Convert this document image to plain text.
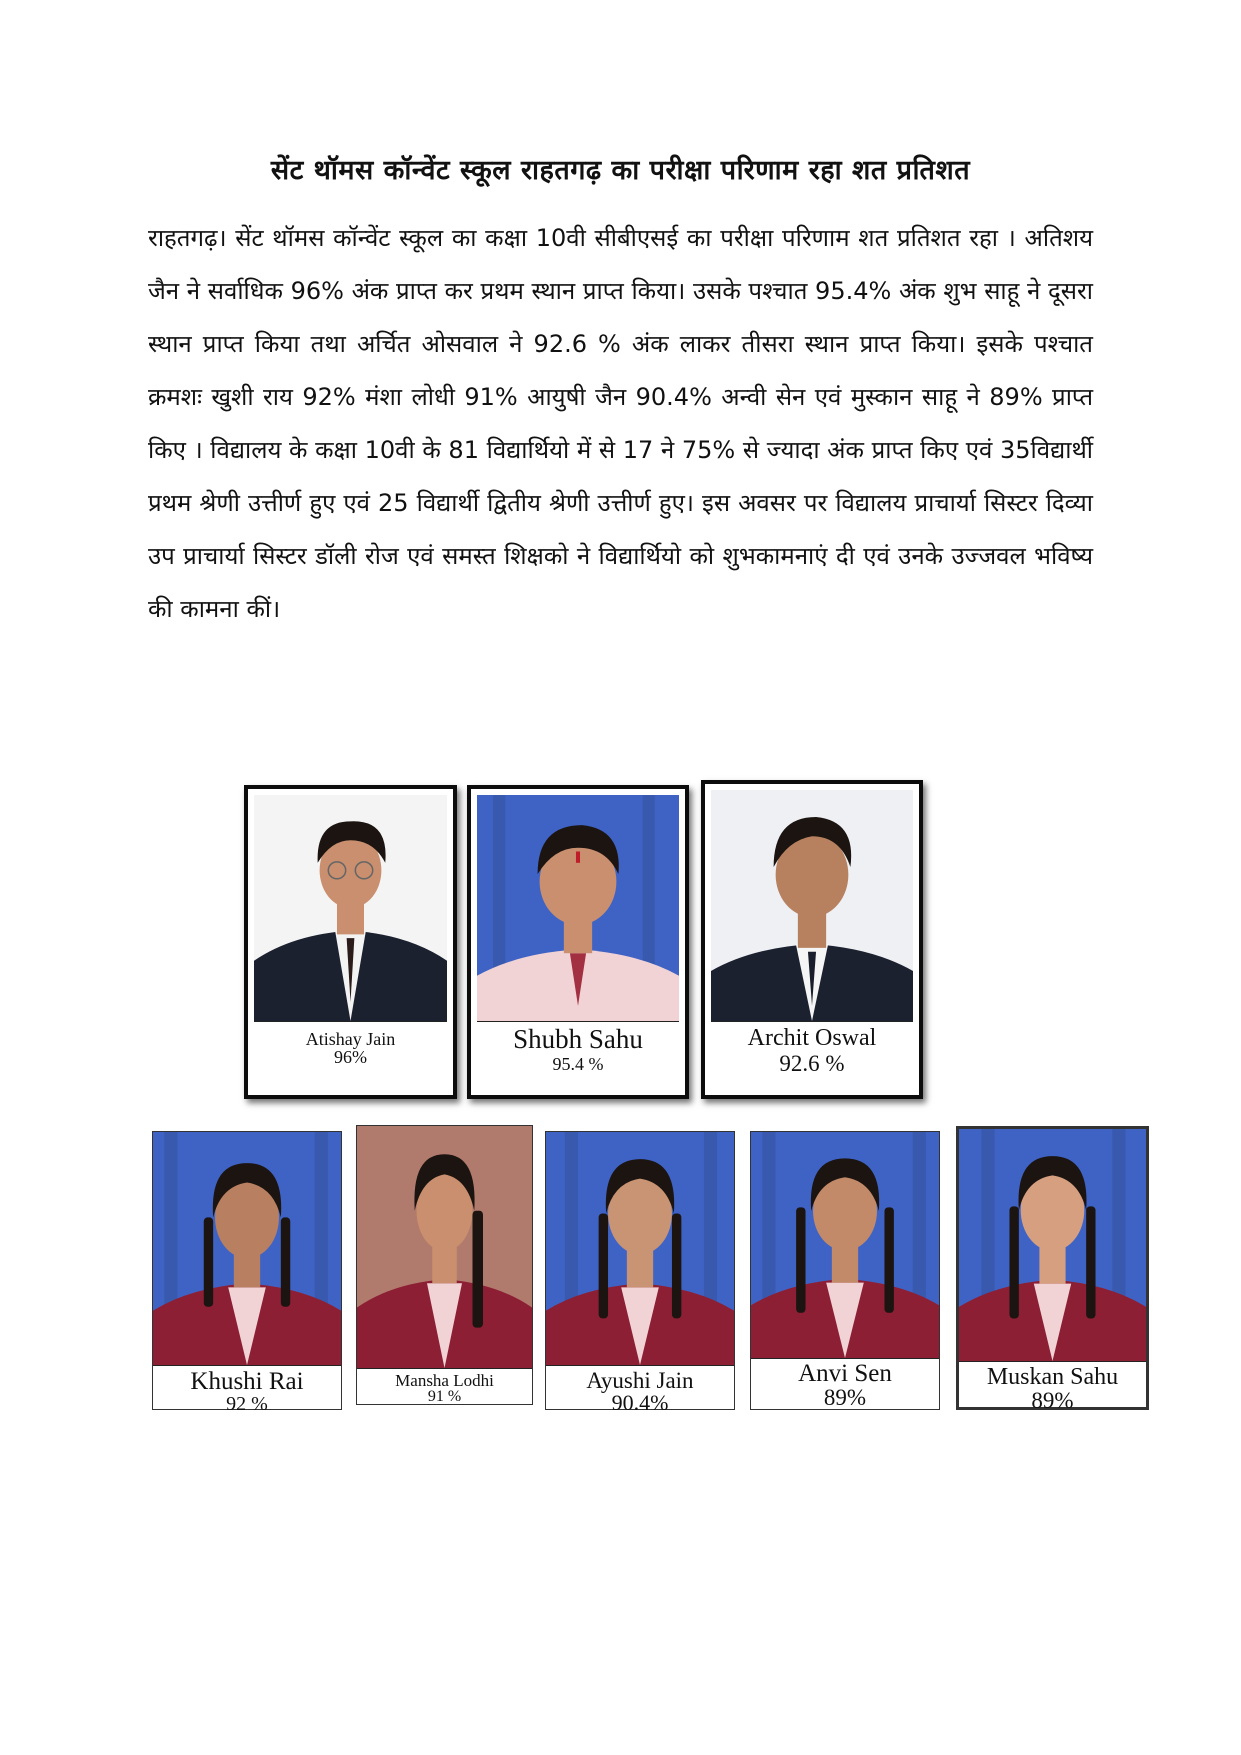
सेंट थॉमस कॉन्वेंट स्कूल राहतगढ़ का परीक्षा परिणाम रहा शत प्रतिशत
राहतगढ़। सेंट थॉमस कॉन्वेंट स्कूल का कक्षा 10वी सीबीएसई का परीक्षा परिणाम शत प्रतिशत रहा । अतिशय जैन ने सर्वाधिक 96% अंक प्राप्त कर प्रथम स्थान प्राप्त किया। उसके पश्चात 95.4% अंक शुभ साहू ने दूसरा स्थान प्राप्त किया तथा अर्चित ओसवाल ने 92.6 % अंक लाकर तीसरा स्थान प्राप्त किया। इसके पश्चात क्रमशः खुशी राय 92% मंशा लोधी 91% आयुषी जैन 90.4% अन्वी सेन एवं मुस्कान साहू ने 89% प्राप्त किए । विद्यालय के कक्षा 10वी के 81 विद्यार्थियो में से 17 ने 75% से ज्यादा अंक प्राप्त किए एवं 35विद्यार्थी प्रथम श्रेणी उत्तीर्ण हुए एवं 25 विद्यार्थी द्वितीय श्रेणी उत्तीर्ण हुए। इस अवसर पर विद्यालय प्राचार्या सिस्टर दिव्या उप प्राचार्या सिस्टर डॉली रोज एवं समस्त शिक्षको ने विद्यार्थियो को शुभकामनाएं दी एवं उनके उज्जवल भविष्य की कामना कीं।
Atishay Jain
96%
Shubh Sahu
95.4 %
Archit Oswal
92.6 %
Khushi Rai
92 %
Mansha Lodhi
91 %
Ayushi Jain
90.4%
Anvi Sen
89%
Muskan Sahu
89%
